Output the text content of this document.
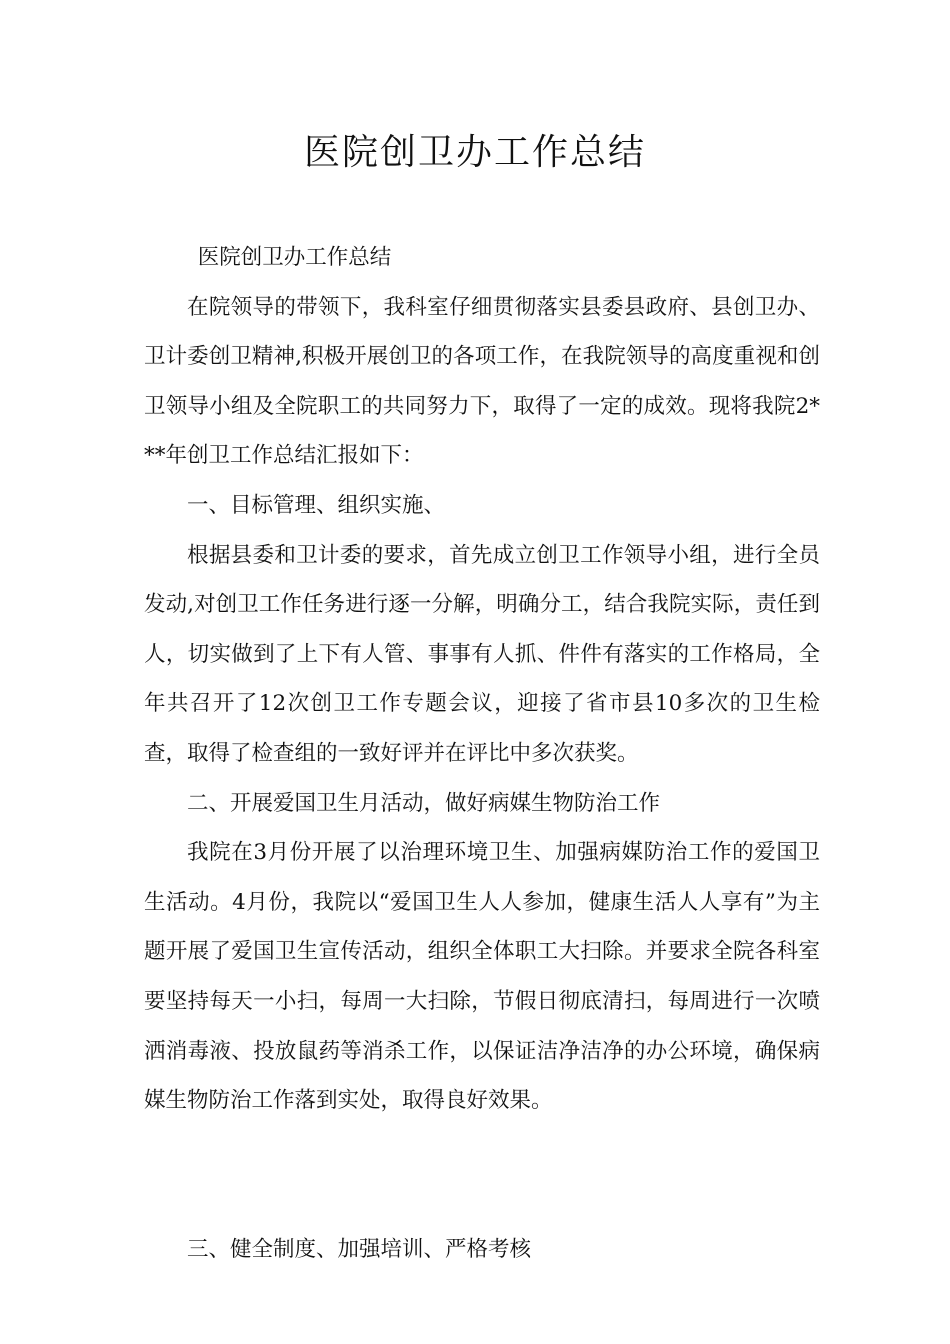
医院创卫办工作总结

医院创卫办工作总结

在院领导的带领下，我科室仔细贯彻落实县委县政府、县创卫办、卫计委创卫精神,积极开展创卫的各项工作，在我院领导的高度重视和创卫领导小组及全院职工的共同努力下，取得了一定的成效。现将我院2***年创卫工作总结汇报如下：

一、目标管理、组织实施、

根据县委和卫计委的要求，首先成立创卫工作领导小组，进行全员发动,对创卫工作任务进行逐一分解，明确分工，结合我院实际，责任到人，切实做到了上下有人管、事事有人抓、件件有落实的工作格局，全年共召开了12次创卫工作专题会议，迎接了省市县10多次的卫生检查，取得了检查组的一致好评并在评比中多次获奖。

二、开展爱国卫生月活动，做好病媒生物防治工作

我院在3月份开展了以治理环境卫生、加强病媒防治工作的爱国卫生活动。4月份，我院以“爱国卫生人人参加，健康生活人人享有”为主题开展了爱国卫生宣传活动，组织全体职工大扫除。并要求全院各科室要坚持每天一小扫，每周一大扫除，节假日彻底清扫，每周进行一次喷洒消毒液、投放鼠药等消杀工作，以保证洁净洁净的办公环境，确保病媒生物防治工作落到实处，取得良好效果。

三、健全制度、加强培训、严格考核
